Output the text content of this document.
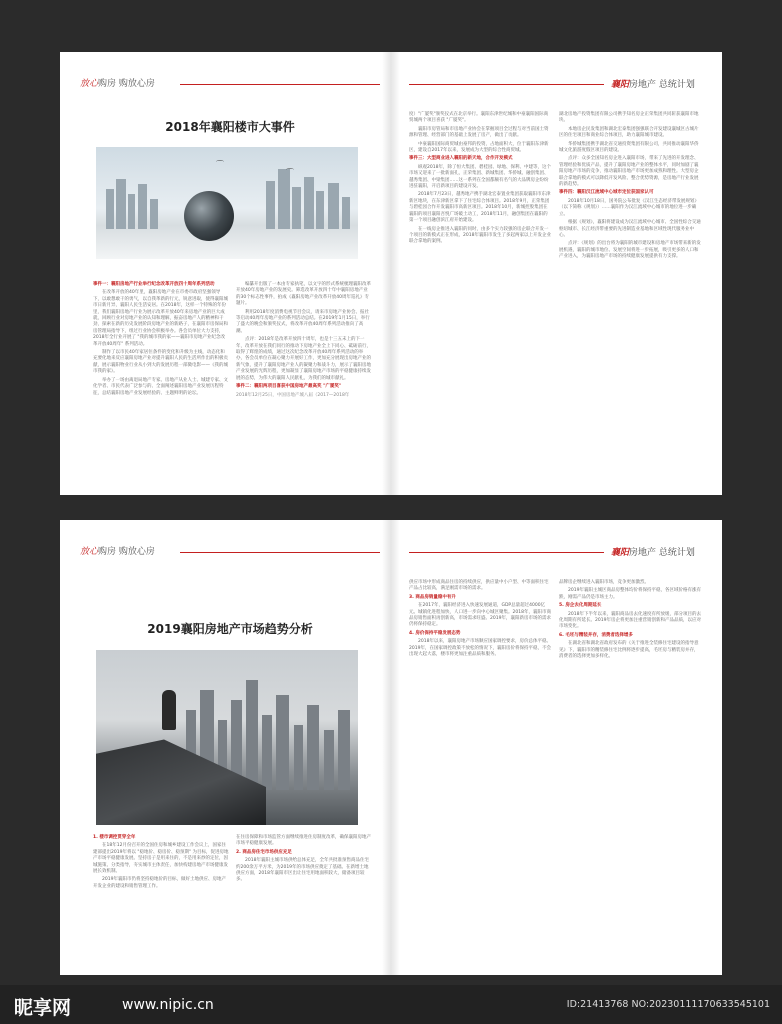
放心购房 购放心房
2018年襄阳楼市大事件
⌒
⌒

事件一：襄阳房地产行业举行纪念改革开放四十周年系列活动

在改革开放的40年里，襄阳房地产业在市委市政府坚强领导下，以敢想敢干的勇气，以自我革新的行元，锐意进取，使得襄阳城市日新月异，襄阳人民生活安居。在2018年，这样一个特殊的年份里，我们襄阳房地产行业为展示改革开放40年来房地产业的巨大成就，回顾行业对房地产业的认知和理解，振奋房地产人的精神和干劲，探索在新的历史发展阶段房地产业的新路子，在襄阳市房保局和房管理局指导下，组过行业协会积极举办。各会员单位大力支持，2018年全行业开展了 "我的城市我的家——襄阳市房地产业纪念改革开放40周年" 系列活动。

制作了以市民40年家居住条件的变化和升级为主线，动态化和充要化地来反应襄阳房地产业对提升襄阳人民的生活所作出的积极贡献，展示襄阳物业行业从小到大的发展历程一部微电影——《我的城市我的家》。

举办了一场由离退局地产专家、房地产从业人士、城建专家、文化学者、市民代表广泛参与的、全面阐述襄阳房地产业发展历程特征，总结襄阳房地产业发展经验的、主题鲜明的论坛。

编纂开出版了一本由专家执笔，以文字的形式系统梳理襄阳改革开放40年房地产业的发展史。筛选改革开放四十年中襄阳房地产业的30个标志性事件，拍成《襄阳房地产业改革开放40周年巡礼》专题片。

利用2018年度消费电视节目会议，请来市房地产业协会、报社等启动40周年房地产业的系列活动总结。在2019年1月15日，举行了盛大的晚会和颁奖仪式，将改革开放40周年系列活动推向了高潮。

点评：2018年是改革开放四十周年，也是十三五末上的下一年，改革开放在我们同行的推动下房地产业全上下同心、砥砺前行，取得了辉煌的成绩，通过这次纪念改革开放40周年系列活动的举办，各会员单位在凝心聚力开展好工作，更加充分展现出房地产业的新气象，提升了襄阳房地产业人的凝聚力和战斗力，展示了襄阳房地产业发展的光辉历程，更加凝显了襄阳房地产市场的平稳健康持续发展的态势，为伟大的襄阳人民献礼，为我们的城市献礼。

事件二：襄阳两项目喜获中国房地产最高奖 "广厦奖"

2018年12月25日，中国房地产城八届（2017—2018年

襄阳房地产 总统计划

度）"广厦奖"颁奖仪式在北京举行。襄阳东津世纪城和中豪襄阳国际商贸城两个项目喜获 "广厦奖"。

襄阳市房管局和市房地产业协会在掌握项目全过程与对当前国土资源和管理、经营部门的基础上发展了房产，做出了贡献。

中豪襄阳国际商贸城由豪邦的投资，占地面积大，位于襄阳东津新区，建设自2017年以来，发展成为大型的综合性商贸城。

事件三：大型商业进入襄阳的新天地，合作开发模式

纵观2018年，除了恒大集团、碧桂园、绿地、保利、中建等，这个市场又迎来了一批新面孔，正荣集团、新城集团、华侨城、融创集团、越秀集团、中梁集团……这一系列在全国都颇有名气的大品牌房企纷纷进驻襄阳，开启新项目的建设开发。

2018年7月23日，越秀地产携手湖北宏泰置业集团获取襄阳市东津新区地块，在东津新区拿下了住宅综合体项目。2018年9月，正荣集团与碧桂园合作开发襄阳市高新区项目。2018年10月，新城控股集团在襄阳的项目襄阳吾悦广场破土动工，2018年11月，融创集团在襄阳的第一个项目融创滨江府开始建设。

在一线房企推进入襄阳的同时，由多个实力较强的房企联合开发一个项目的新模式正在形成，2018年襄阳市发生了多起两家以上开发企业联合拿地的案例。

湖北房地产投资集团有限公司携手知名房企正荣集团共同斩获襄阳市地块。

本地房企民发集团和湖北宏泰集团强强联合开发建设襄城区古城片区的住宅项目和商业综合体项目，助力襄阳城市建设。

华侨城集团携手湖北省交通投资集团有限公司，共同推动襄阳华侨城文化旅游度假区项目的建设。

点评：众多全国知名房企进入襄阳市场，带来了先进的开发理念、管理经验和优质产品，提升了襄阳房地产业的整体水平，同时加剧了襄阳房地产市场的竞争，推动襄阳房地产市场更加成熟和理性。大型房企联合拿地的模式可以降低开发风险、整合优势资源，是房地产行业发展的新趋势。

事件四：襄阳汉江流域中心城市定位获国家认可

2018年10月18日，国务院公布批复《汉江生态经济带发展规划》（以下简称《规划》）……襄阳作为汉江流域中心城市的地位进一步确立。

根据《规划》，襄阳将建设成为汉江流域中心城市、全国性综合交通枢纽城市、长江经济带重要的先进制造业基地和区域性现代服务业中心。

点评：《规划》的出台将为襄阳的城市建设和房地产市场带来新的发展机遇，襄阳的城市地位、发展空间将进一步拓展，吸引更多的人口和产业进入，为襄阳房地产市场的持续健康发展提供有力支撑。

放心购房 购放心房
2019襄阳房地产市场趋势分析

1. 楼市调控贯穿全年

在18年12月份召开的全国住房和城乡建设工作会议上，国家住建部提出2019年将以 "稳地价、稳房价、稳预期" 为目标，促进房地产市场平稳健康发展。坚持房子是用来住的，不是用来炒的定位，因城施策、分类指导，夯实城市主体责任，加快构建房地产市场健康发展长效机制。

2019年襄阳市仍将坚持稳地价的目标，做好土地供应、房地产开发企业的建设和销售管理工作。

在住房保障和市场监管方面继续推进住房制度改革，确保襄阳房地产市场平稳健康发展。

2. 商品房住宅市场供应充足

2018年襄阳主城市场供给总体充足，全年共批准预售商品住宅约200余万平方米，为2019年的市场供应奠定了基础。在新增土地供应方面，2018年襄阳市区出让住宅用地面积较大，储备项目较多。

襄阳房地产 总统计划

供应市场中形成商品住房的持续供应，供应量中小户型、中等面积住宅产品占比较高，满足刚需市场的需求。

3. 商品房销量稳中有升

在2017年，襄阳经济进入快速发展通道，GDP总量超过4000亿元。城镇化进程加快，人口进一步向中心城区聚集。2018年，襄阳市商品房销售面积再创新高，市场需求旺盛。2019年，襄阳新房市场的需求仍将保持稳定。

4. 房价保持平稳发展态势

2018年以来，襄阳房地产市场顺应国家调控要求，房价总体平稳。2019年，在国家调控政策不放松的情况下，襄阳房价将保持平稳，不会出现大起大落，楼市将更加注重品质和服务。

品牌房企继续进入襄阳市场，竞争更加激烈。

2019年襄阳主城区商品房整体均价将保持平稳，各区域价格有涨有跌，刚需产品仍是市场主力。

5. 房企去化周期延长

2018年下半年以来，襄阳商品房去化速度有所放缓，部分项目的去化周期有所延长。2019年房企将更加注重营销创新和产品品质，以应对市场变化。

6. 毛坯与精装并存，消费者选择增多

在湖北省和湖北省政府发布的《关于推进全装修住宅建设的指导意见》下，襄阳市的精装修住宅比例将逐步提高，毛坯房与精装房并存，消费者的选择更加多样化。

昵享网	www.nipic.cn	ID:21413768 NO:20230111170633545101
